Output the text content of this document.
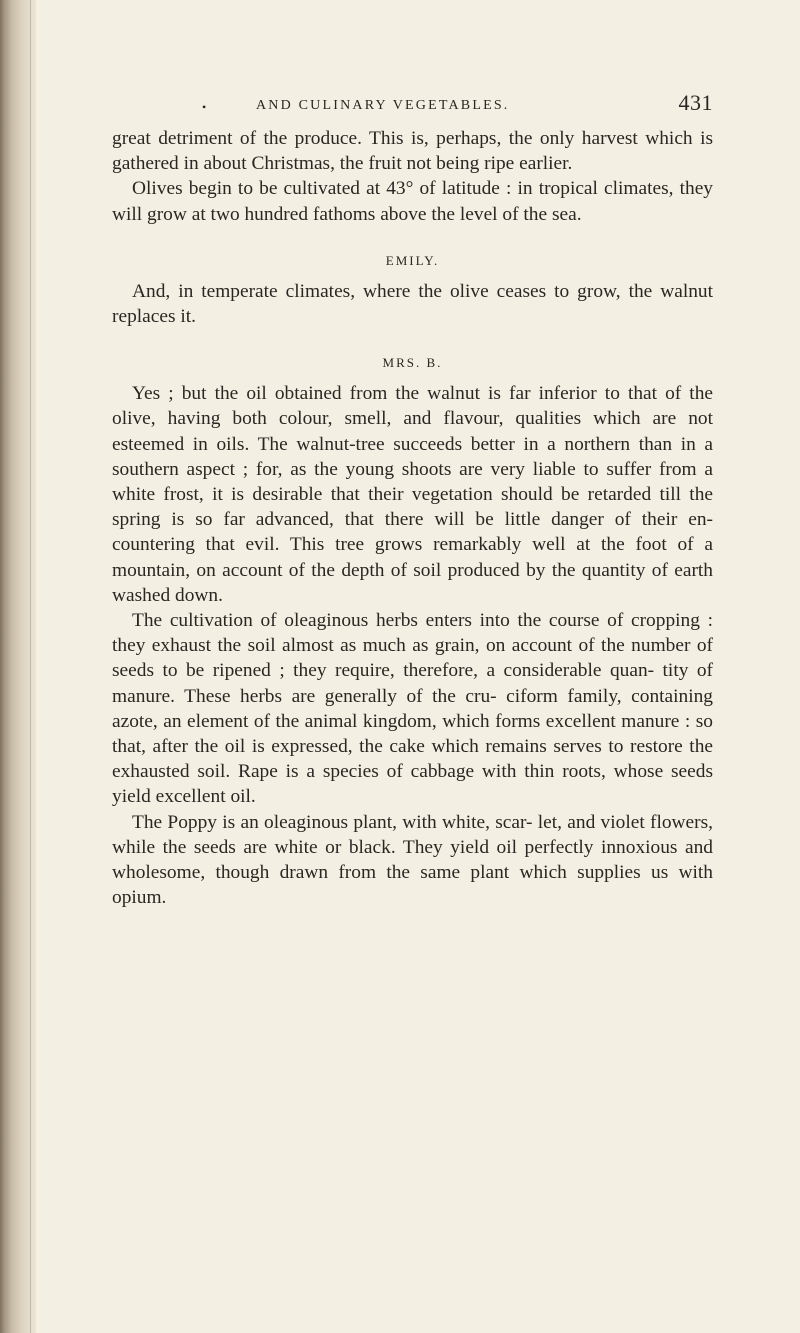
•	AND CULINARY VEGETABLES.	431

great detriment of the produce. This is, perhaps, the only harvest which is gathered in about Christmas, the fruit not being ripe earlier.

Olives begin to be cultivated at 43° of latitude : in tropical climates, they will grow at two hundred fathoms above the level of the sea.

EMILY.

And, in temperate climates, where the olive ceases to grow, the walnut replaces it.

MRS. B.

Yes ; but the oil obtained from the walnut is far inferior to that of the olive, having both colour, smell, and flavour, qualities which are not esteemed in oils. The walnut-tree succeeds better in a northern than in a southern aspect ; for, as the young shoots are very liable to suffer from a white frost, it is desirable that their vegetation should be retarded till the spring is so far advanced, that there will be little danger of their en- countering that evil. This tree grows remarkably well at the foot of a mountain, on account of the depth of soil produced by the quantity of earth washed down.

The cultivation of oleaginous herbs enters into the course of cropping : they exhaust the soil almost as much as grain, on account of the number of seeds to be ripened ; they require, therefore, a considerable quan- tity of manure. These herbs are generally of the cru- ciform family, containing azote, an element of the animal kingdom, which forms excellent manure : so that, after the oil is expressed, the cake which remains serves to restore the exhausted soil. Rape is a species of cabbage with thin roots, whose seeds yield excellent oil.

The Poppy is an oleaginous plant, with white, scar- let, and violet flowers, while the seeds are white or black. They yield oil perfectly innoxious and wholesome, though drawn from the same plant which supplies us with opium.
